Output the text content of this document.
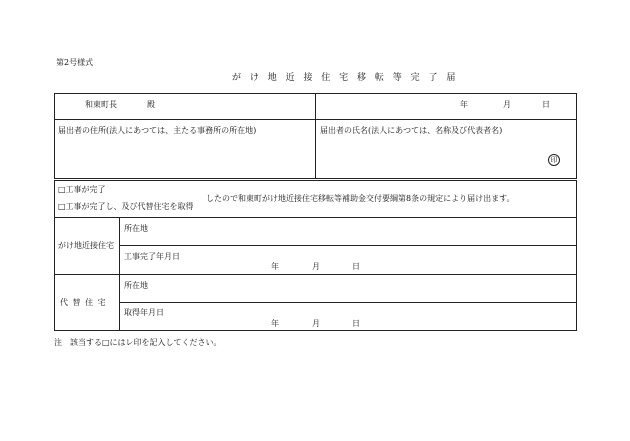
第2号様式
が け 地 近 接 住 宅 移 転 等 完 了 届
和東町長	殿	年	月	日
届出者の住所(法人にあつては、主たる事務所の所在地)	届出者の氏名(法人にあつては、名称及び代表者名)
印
□工事が完了
□工事が完了し、及び代替住宅を取得
したので和東町がけ地近接住宅移転等補助金交付要綱第8条の規定により届け出ます。
がけ地近接住宅
所在地
工事完了年月日
年	月	日
代 替 住 宅
所在地
取得年月日
年	月	日
注　該当する□にはレ印を記入してください。
